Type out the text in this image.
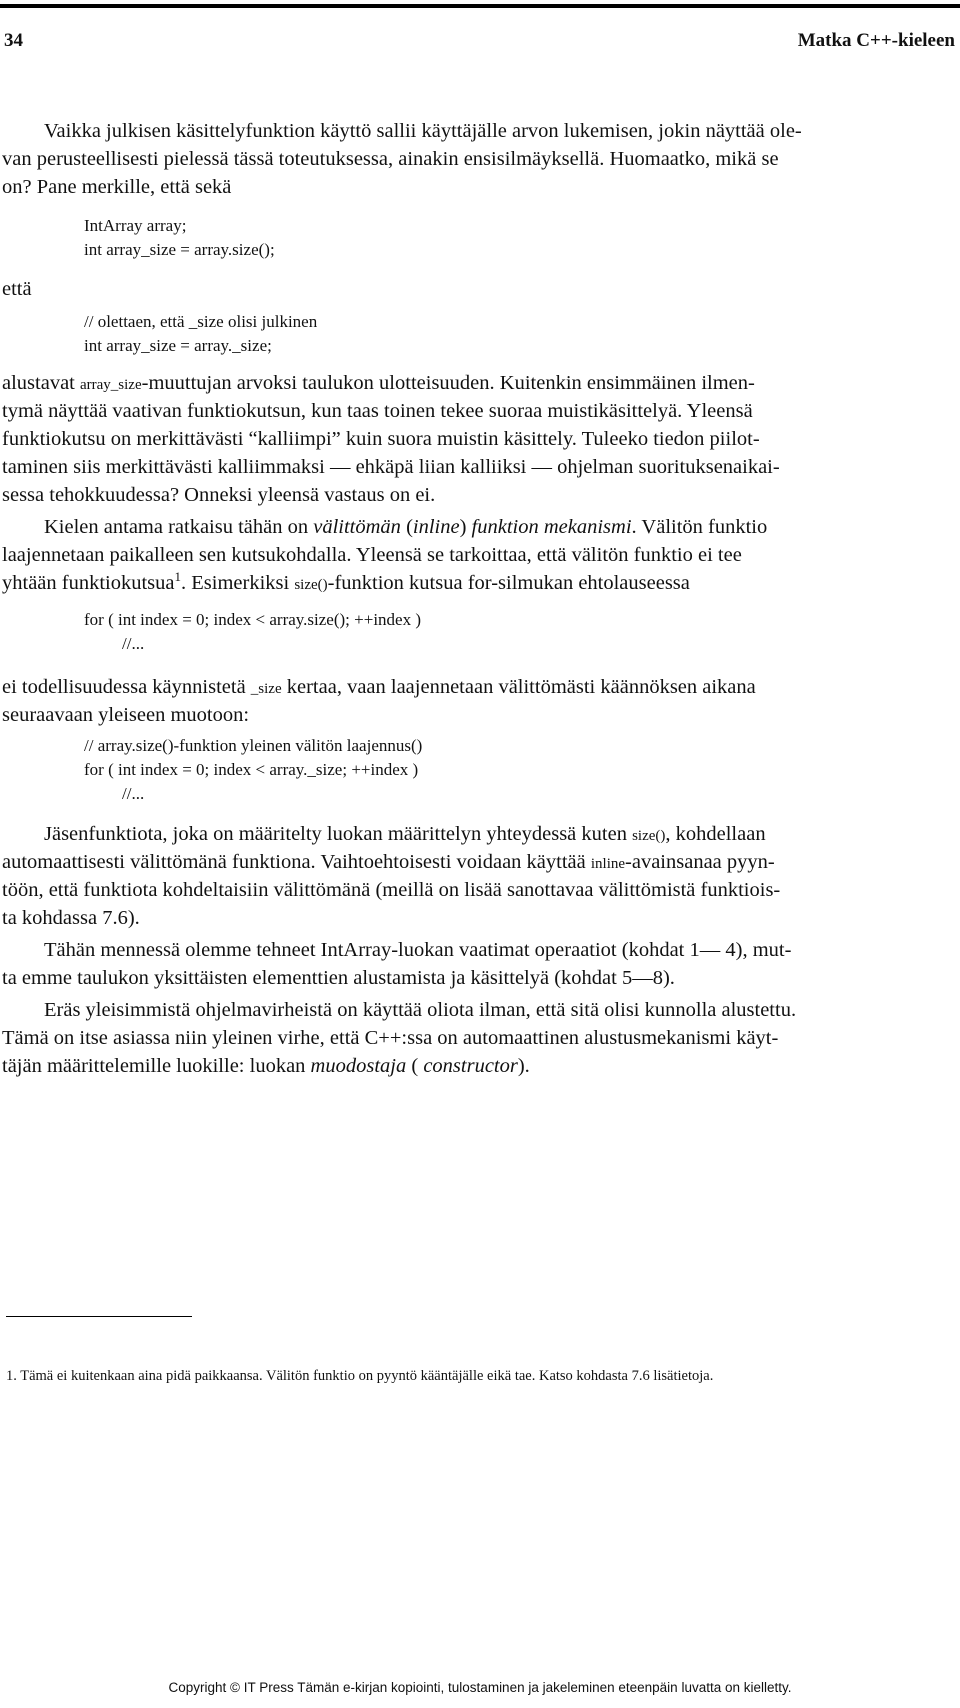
34	Matka C++-kieleen
Vaikka julkisen käsittelyfunktion käyttö sallii käyttäjälle arvon lukemisen, jokin näyttää ole-
van perusteellisesti pielessä tässä toteutuksessa, ainakin ensisilmäyksellä. Huomaatko, mikä se
on? Pane merkille, että sekä
IntArray array;
int array_size = array.size();
että
// olettaen, että _size olisi julkinen
int array_size = array._size;
alustavat array_size-muuttujan arvoksi taulukon ulotteisuuden. Kuitenkin ensimmäinen ilmen-
tymä näyttää vaativan funktiokutsun, kun taas toinen tekee suoraa muistikäsittelyä. Yleensä
funktiokutsu on merkittävästi “kalliimpi” kuin suora muistin käsittely. Tuleeko tiedon piilot-
taminen siis merkittävästi kalliimmaksi — ehkäpä liian kalliiksi — ohjelman suorituksenaikai-
sessa tehokkuudessa? Onneksi yleensä vastaus on ei.
Kielen antama ratkaisu tähän on välittömän (inline) funktion mekanismi. Välitön funktio
laajennetaan paikalleen sen kutsukohdalla. Yleensä se tarkoittaa, että välitön funktio ei tee
yhtään funktiokutsua$^1$. Esimerkiksi size()-funktion kutsua for-silmukan ehtolauseessa
for ( int index = 0; index < array.size(); ++index )
//...
ei todellisuudessa käynnistetä _size kertaa, vaan laajennetaan välittömästi käännöksen aikana
seuraavaan yleiseen muotoon:
// array.size()-funktion yleinen välitön laajennus()
for ( int index = 0; index < array._size; ++index )
//...
Jäsenfunktiota, joka on määritelty luokan määrittelyn yhteydessä kuten size(), kohdellaan
automaattisesti välittömänä funktiona. Vaihtoehtoisesti voidaan käyttää inline-avainsanaa pyyn-
töön, että funktiota kohdeltaisiin välittömänä (meillä on lisää sanottavaa välittömistä funktiois-
ta kohdassa 7.6).
Tähän mennessä olemme tehneet IntArray-luokan vaatimat operaatiot (kohdat 1— 4), mut-
ta emme taulukon yksittäisten elementtien alustamista ja käsittelyä (kohdat 5—8).
Eräs yleisimmistä ohjelmavirheistä on käyttää oliota ilman, että sitä olisi kunnolla alustettu.
Tämä on itse asiassa niin yleinen virhe, että C++:ssa on automaattinen alustusmekanismi käyt-
täjän määrittelemille luokille: luokan muodostaja ( constructor).
1. Tämä ei kuitenkaan aina pidä paikkaansa. Välitön funktio on pyyntö kääntäjälle eikä tae. Katso kohdasta 7.6 lisätietoja.
Copyright © IT Press Tämän e-kirjan kopiointi, tulostaminen ja jakeleminen eteenpäin luvatta on kielletty.
